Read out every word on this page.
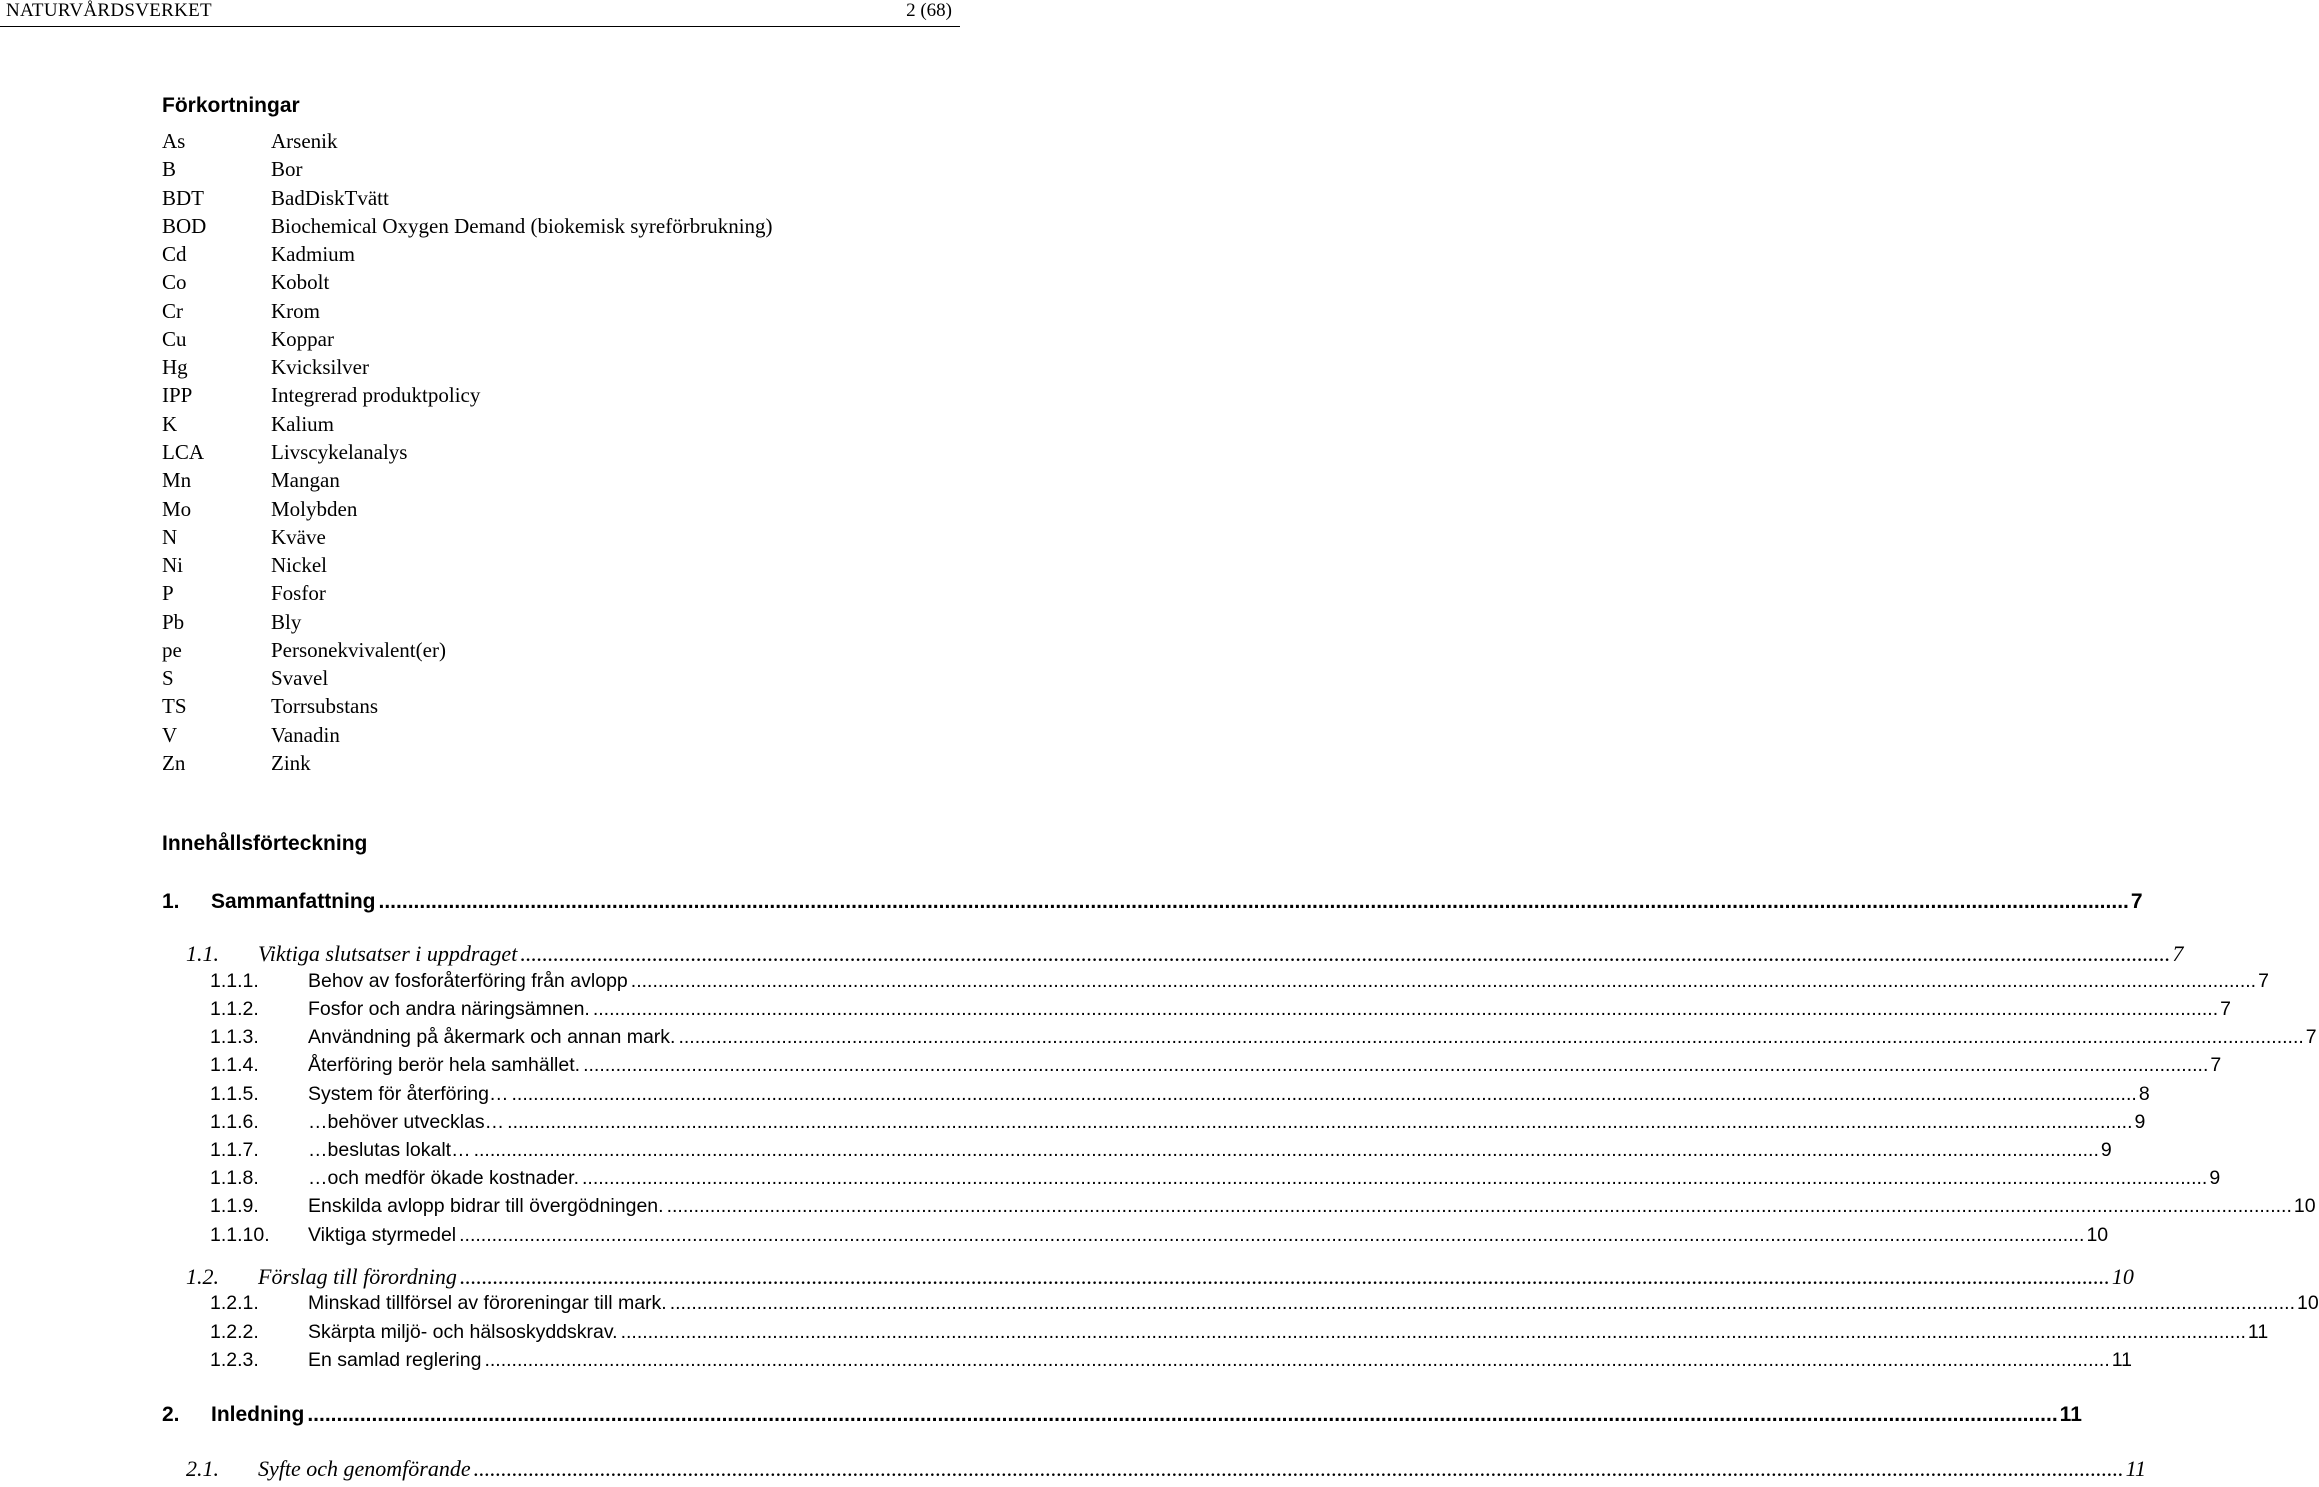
NATURVÅRDSVERKET	2 (68)
Förkortningar
As	Arsenik
B	Bor
BDT	BadDiskTvätt
BOD	Biochemical Oxygen Demand (biokemisk syreförbrukning)
Cd	Kadmium
Co	Kobolt
Cr	Krom
Cu	Koppar
Hg	Kvicksilver
IPP	Integrerad produktpolicy
K	Kalium
LCA	Livscykelanalys
Mn	Mangan
Mo	Molybden
N	Kväve
Ni	Nickel
P	Fosfor
Pb	Bly
pe	Personekvivalent(er)
S	Svavel
TS	Torrsubstans
V	Vanadin
Zn	Zink
Innehållsförteckning
1.	Sammanfattning ............................................................................................................................................................................................................................................................................................................ 7
1.1.	Viktiga slutsatser i uppdraget ............................................................................................................................................................................................................................................................................................................ 7
1.1.1.	Behov av fosforåterföring från avlopp ............................................................................................................................................................................................................................................................................................................ 7
1.1.2.	Fosfor och andra näringsämnen. ............................................................................................................................................................................................................................................................................................................ 7
1.1.3.	Användning på åkermark och annan mark. ............................................................................................................................................................................................................................................................................................................ 7
1.1.4.	Återföring berör hela samhället. ............................................................................................................................................................................................................................................................................................................ 7
1.1.5.	System för återföring… ............................................................................................................................................................................................................................................................................................................ 8
1.1.6.	…behöver utvecklas… ............................................................................................................................................................................................................................................................................................................ 9
1.1.7.	…beslutas lokalt… ............................................................................................................................................................................................................................................................................................................ 9
1.1.8.	…och medför ökade kostnader. ............................................................................................................................................................................................................................................................................................................ 9
1.1.9.	Enskilda avlopp bidrar till övergödningen. ............................................................................................................................................................................................................................................................................................................ 10
1.1.10.	Viktiga styrmedel ............................................................................................................................................................................................................................................................................................................ 10
1.2.	Förslag till förordning ............................................................................................................................................................................................................................................................................................................ 10
1.2.1.	Minskad tillförsel av föroreningar till mark. ............................................................................................................................................................................................................................................................................................................ 10
1.2.2.	Skärpta miljö- och hälsoskyddskrav. ............................................................................................................................................................................................................................................................................................................ 11
1.2.3.	En samlad reglering ............................................................................................................................................................................................................................................................................................................ 11
2.	Inledning ............................................................................................................................................................................................................................................................................................................ 11
2.1.	Syfte och genomförande ............................................................................................................................................................................................................................................................................................................ 11
